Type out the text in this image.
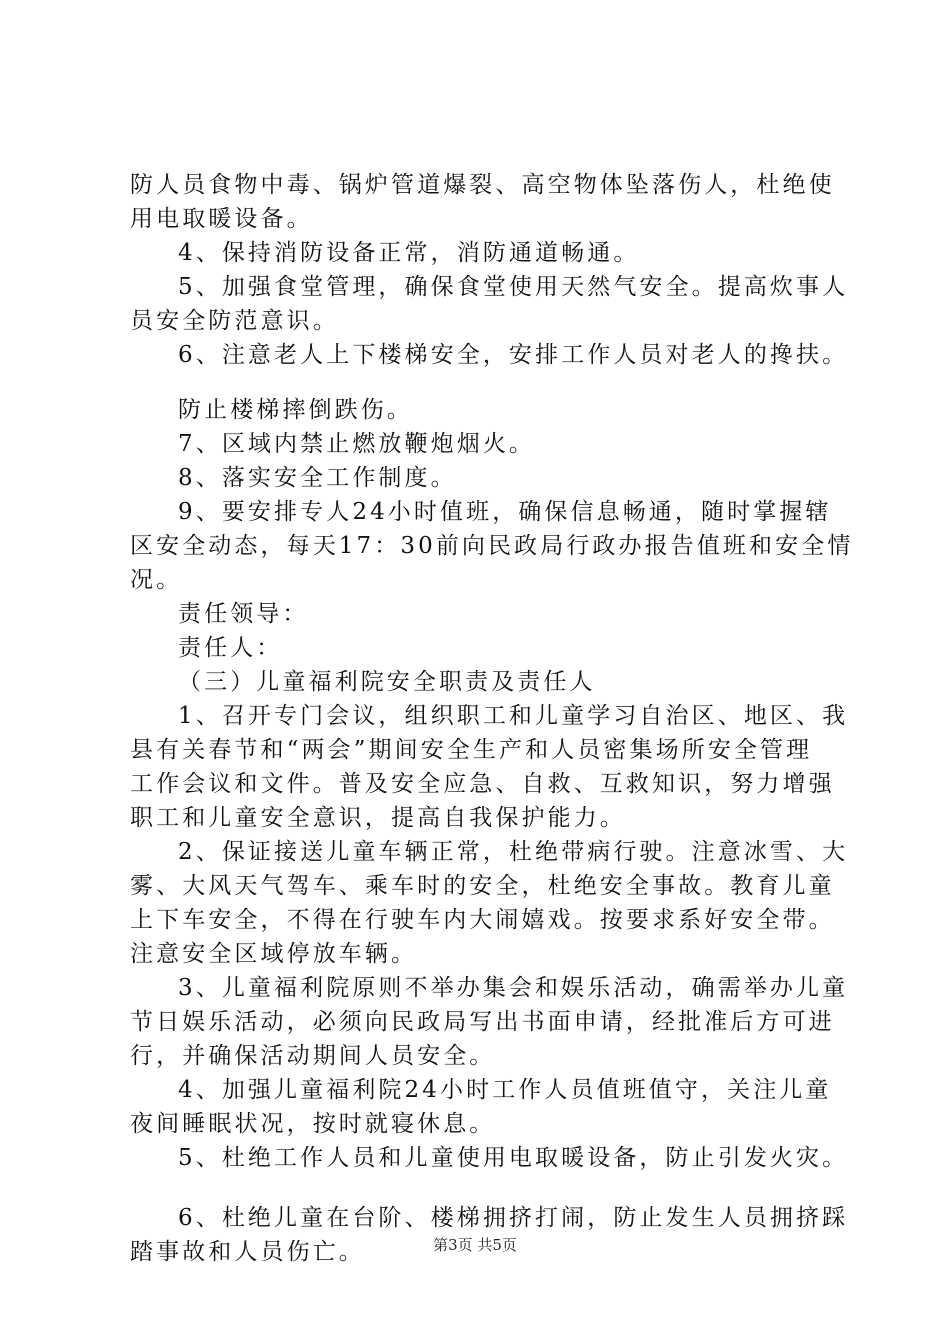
防人员食物中毒、锅炉管道爆裂、高空物体坠落伤人，杜绝使
用电取暖设备。
4、保持消防设备正常，消防通道畅通。
5、加强食堂管理，确保食堂使用天然气安全。提高炊事人
员安全防范意识。
6、注意老人上下楼梯安全，安排工作人员对老人的搀扶。
防止楼梯摔倒跌伤。
7、区域内禁止燃放鞭炮烟火。
8、落实安全工作制度。
9、要安排专人24小时值班，确保信息畅通，随时掌握辖
区安全动态，每天17：30前向民政局行政办报告值班和安全情
况。
责任领导：
责任人：
（三）儿童福利院安全职责及责任人
1、召开专门会议，组织职工和儿童学习自治区、地区、我
县有关春节和“两会”期间安全生产和人员密集场所安全管理
工作会议和文件。普及安全应急、自救、互救知识，努力增强
职工和儿童安全意识，提高自我保护能力。
2、保证接送儿童车辆正常，杜绝带病行驶。注意冰雪、大
雾、大风天气驾车、乘车时的安全，杜绝安全事故。教育儿童
上下车安全，不得在行驶车内大闹嬉戏。按要求系好安全带。
注意安全区域停放车辆。
3、儿童福利院原则不举办集会和娱乐活动，确需举办儿童
节日娱乐活动，必须向民政局写出书面申请，经批准后方可进
行，并确保活动期间人员安全。
4、加强儿童福利院24小时工作人员值班值守，关注儿童
夜间睡眠状况，按时就寝休息。
5、杜绝工作人员和儿童使用电取暖设备，防止引发火灾。
6、杜绝儿童在台阶、楼梯拥挤打闹，防止发生人员拥挤踩
踏事故和人员伤亡。	第3页 共5页
